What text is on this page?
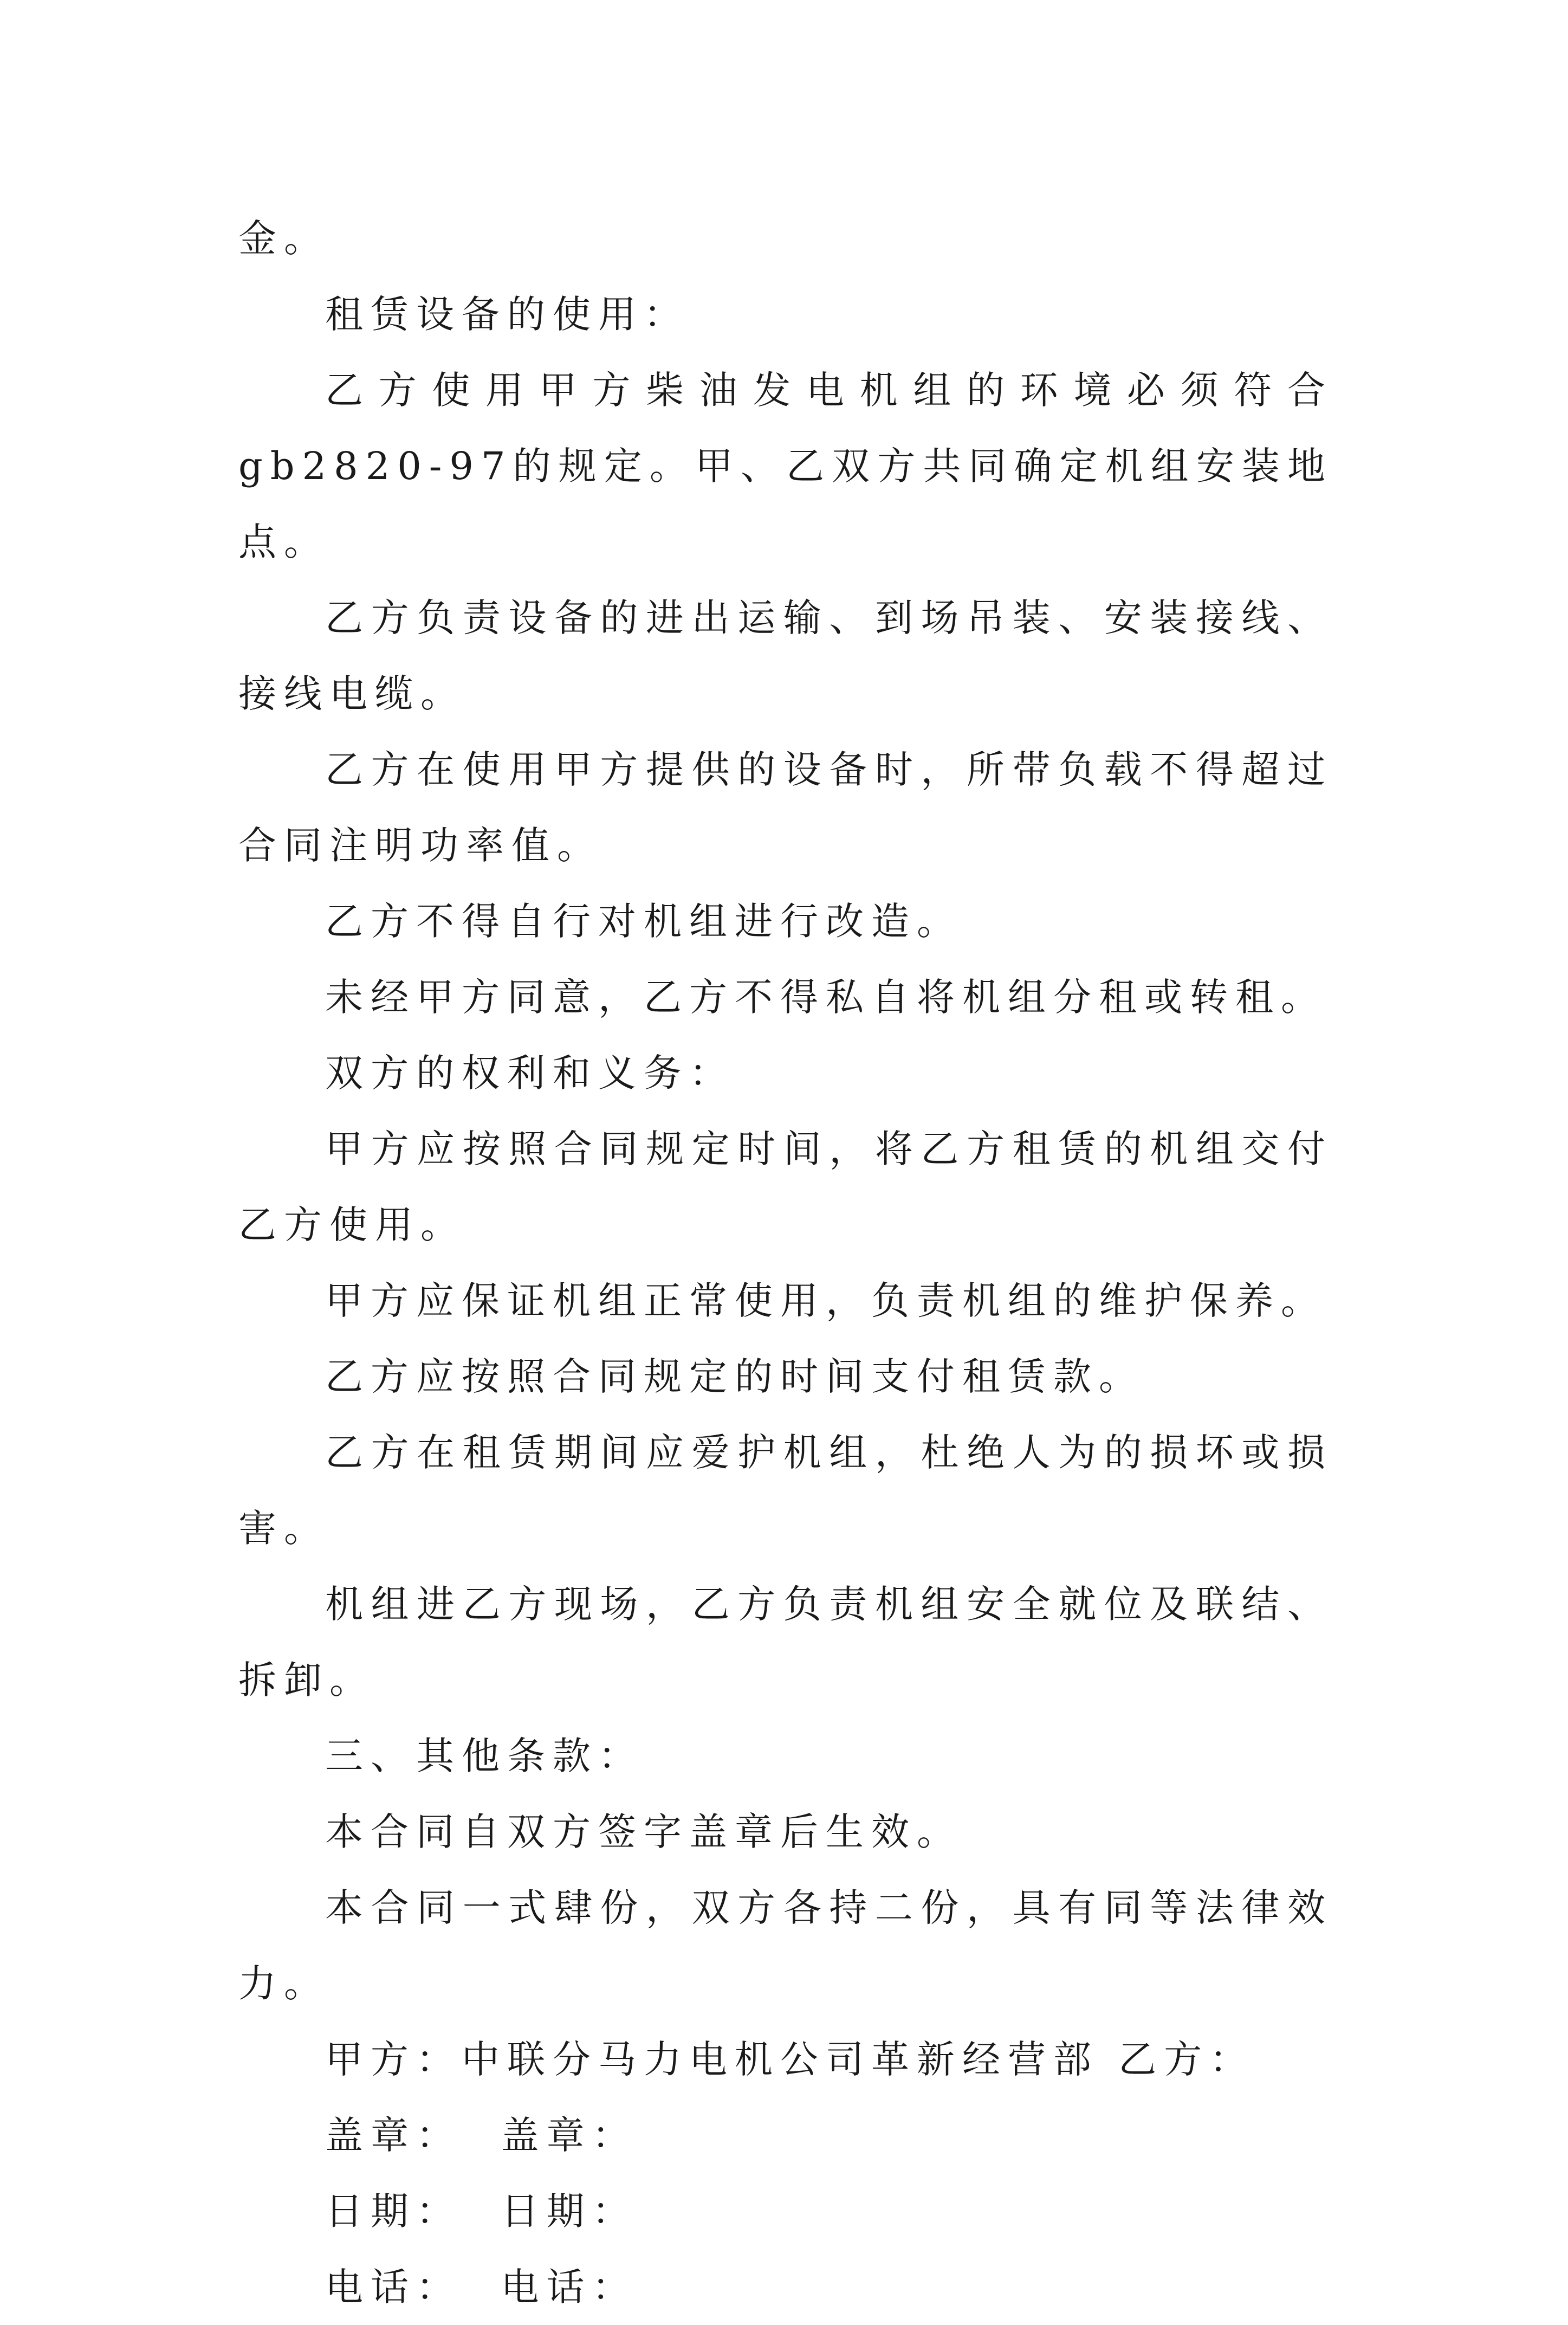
金。

租赁设备的使用：

乙方使用甲方柴油发电机组的环境必须符合gb2820-97的规定。甲、乙双方共同确定机组安装地点。

乙方负责设备的进出运输、到场吊装、安装接线、接线电缆。

乙方在使用甲方提供的设备时，所带负载不得超过合同注明功率值。

乙方不得自行对机组进行改造。

未经甲方同意，乙方不得私自将机组分租或转租。

双方的权利和义务：

甲方应按照合同规定时间，将乙方租赁的机组交付乙方使用。

甲方应保证机组正常使用，负责机组的维护保养。

乙方应按照合同规定的时间支付租赁款。

乙方在租赁期间应爱护机组，杜绝人为的损坏或损害。

机组进乙方现场，乙方负责机组安全就位及联结、拆卸。

三、其他条款：

本合同自双方签字盖章后生效。

本合同一式肆份，双方各持二份，具有同等法律效力。

甲方：中联分马力电机公司革新经营部 乙方：
盖章：  盖章：
日期：  日期：
电话：  电话：
